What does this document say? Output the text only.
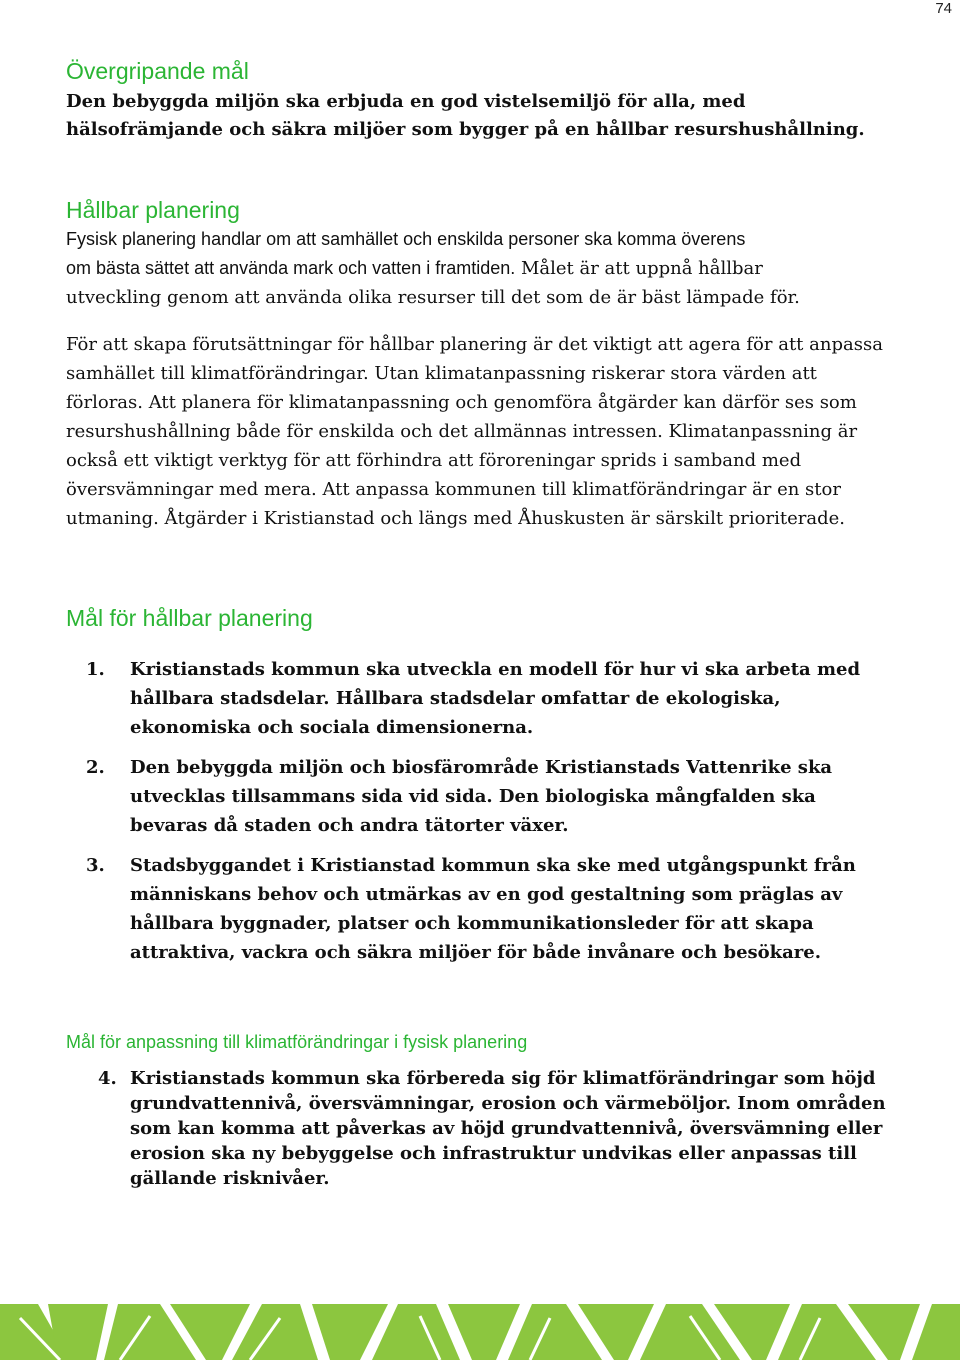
74
Övergripande mål
Den bebyggda miljön ska erbjuda en god vistelsemiljö för alla, med
hälsofrämjande och säkra miljöer som bygger på en hållbar resurshushållning.
Hållbar planering

Fysisk planering handlar om att samhället och enskilda personer ska komma överens
om bästa sättet att använda mark och vatten i framtiden. Målet är att uppnå hållbar
utveckling genom att använda olika resurser till det som de är bäst lämpade för.

För att skapa förutsättningar för hållbar planering är det viktigt att agera för att anpassa
samhället till klimatförändringar. Utan klimatanpassning riskerar stora värden att
förloras. Att planera för klimatanpassning och genomföra åtgärder kan därför ses som
resurshushållning både för enskilda och det allmännas intressen. Klimatanpassning är
också ett viktigt verktyg för att förhindra att föroreningar sprids i samband med
översvämningar med mera. Att anpassa kommunen till klimatförändringar är en stor
utmaning. Åtgärder i Kristianstad och längs med Åhuskusten är särskilt prioriterade.

Mål för hållbar planering
1. Kristianstads kommun ska utveckla en modell för hur vi ska arbeta med
hållbara stadsdelar. Hållbara stadsdelar omfattar de ekologiska,
ekonomiska och sociala dimensionerna.
2. Den bebyggda miljön och biosfärområde Kristianstads Vattenrike ska
utvecklas tillsammans sida vid sida. Den biologiska mångfalden ska
bevaras då staden och andra tätorter växer.
3. Stadsbyggandet i Kristianstad kommun ska ske med utgångspunkt från
människans behov och utmärkas av en god gestaltning som präglas av
hållbara byggnader, platser och kommunikationsleder för att skapa
attraktiva, vackra och säkra miljöer för både invånare och besökare.
Mål för anpassning till klimatförändringar i fysisk planering
4. Kristianstads kommun ska förbereda sig för klimatförändringar som höjd
grundvattennivå, översvämningar, erosion och värmeböljor. Inom områden
som kan komma att påverkas av höjd grundvattennivå, översvämning eller
erosion ska ny bebyggelse och infrastruktur undvikas eller anpassas till
gällande risknivåer.
